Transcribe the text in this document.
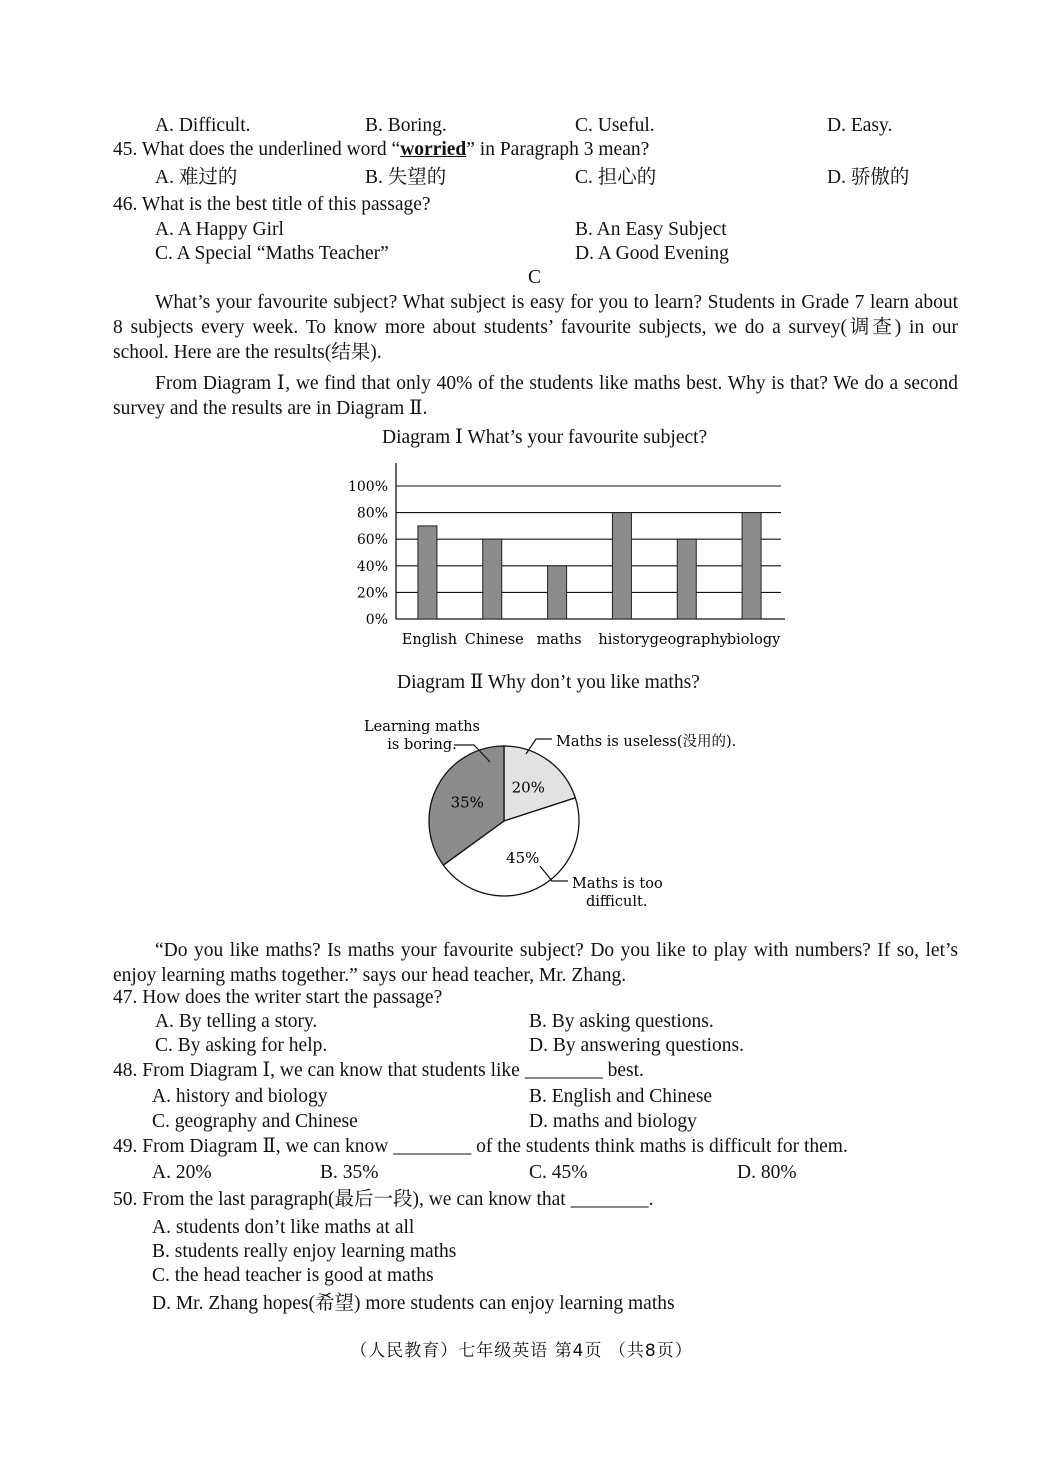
A. Difficult.	B. Boring.	C. Useful.	D. Easy.
45. What does the underlined word “worried” in Paragraph 3 mean?
A. 难过的	B. 失望的	C. 担心的	D. 骄傲的
46. What is the best title of this passage?
A. A Happy Girl	B. An Easy Subject
C. A Special “Maths Teacher”	D. A Good Evening
C
What’s your favourite subject? What subject is easy for you to learn? Students in Grade 7 learn about 8 subjects every week. To know more about students’ favourite subjects, we do a survey(调查) in our school. Here are the results(结果).
From Diagram Ⅰ, we find that only 40% of the students like maths best. Why is that? We do a second survey and the results are in Diagram Ⅱ.
Diagram Ⅰ What’s your favourite subject?
0%
20%
40%
60%
80%
100%
English Chinese maths history geography
biology
Diagram Ⅱ Why don’t you like maths?
20%
45%
35%
Learning maths
is boring.	Maths is useless(没用的).
Maths is too
difficult.
“Do you like maths? Is maths your favourite subject? Do you like to play with numbers? If so, let’s enjoy learning maths together.” says our head teacher, Mr. Zhang.
47. How does the writer start the passage?
A. By telling a story.	B. By asking questions.
C. By asking for help.	D. By answering questions.
48. From Diagram Ⅰ, we can know that students like ________ best.
A. history and biology	B. English and Chinese
C. geography and Chinese	D. maths and biology
49. From Diagram Ⅱ, we can know ________ of the students think maths is difficult for them.
A. 20%	B. 35%	C. 45%	D. 80%
50. From the last paragraph(最后一段), we can know that ________.
A. students don’t like maths at all
B. students really enjoy learning maths
C. the head teacher is good at maths
D. Mr. Zhang hopes(希望) more students can enjoy learning maths
（人民教育）七年级英语 第4页 （共8页）
